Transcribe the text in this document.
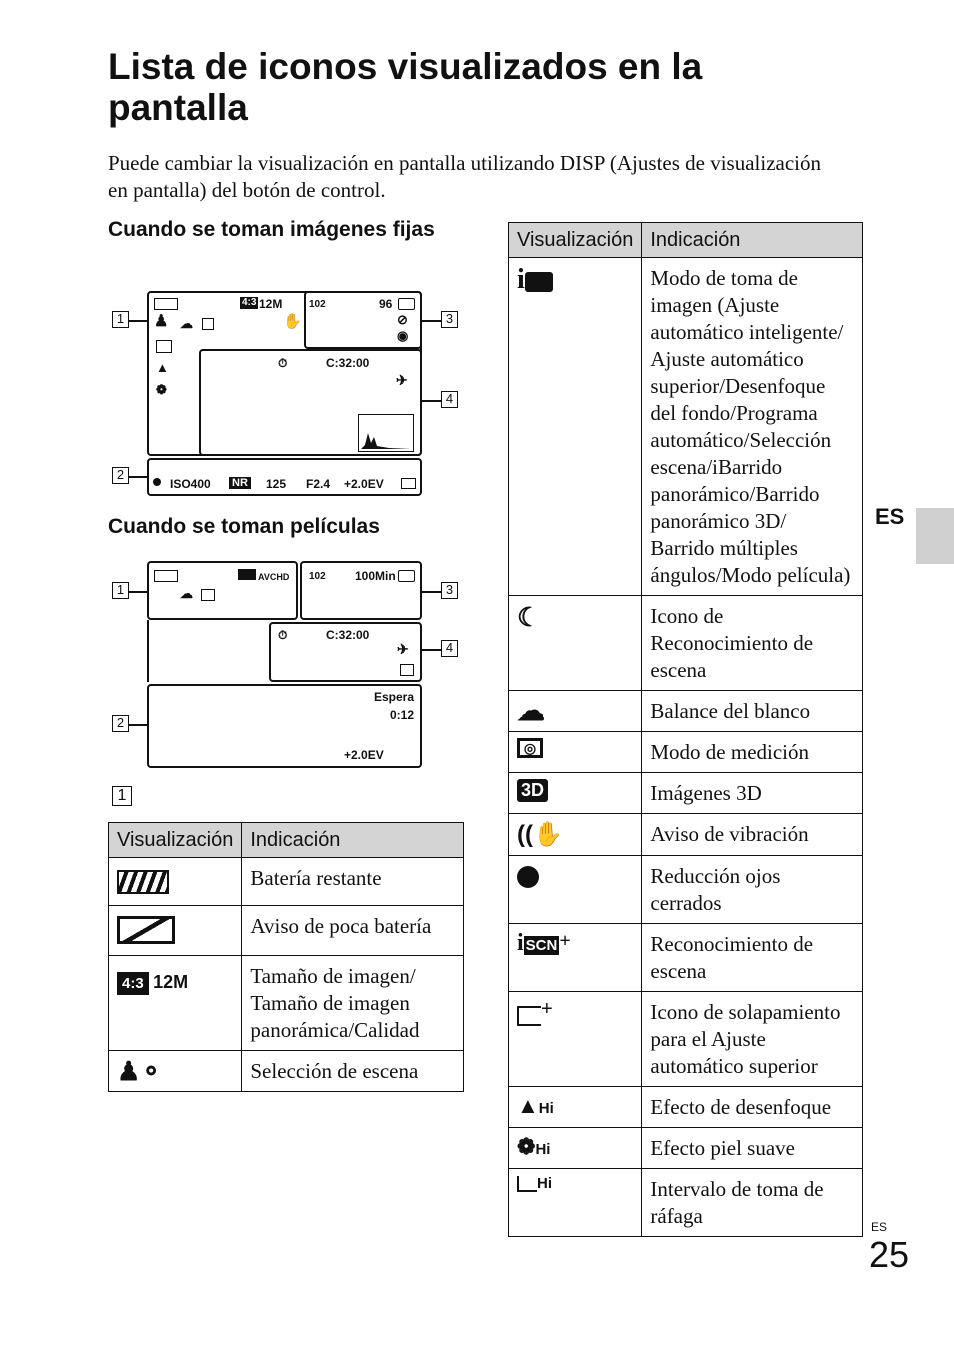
Lista de iconos visualizados en la pantalla
Puede cambiar la visualización en pantalla utilizando DISP (Ajustes de visualización en pantalla) del botón de control.
Cuando se toman imágenes fijas
4:3 12M
♟ ☁	✋
▲
❁
102	96
⊘
◉
⏱	C:32:00
✈
ISO400 NR 125 F2.4 +2.0EV
1
2
3
4
Cuando se toman películas
AVCHD
☁
102 100Min
⏱	C:32:00
✈
Espera
0:12
+2.0EV
1
2
3
4
1
Visualización	Indicación
	Batería restante
	Aviso de poca batería
4:3 12M	Tamaño de imagen/ Tamaño de imagen panorámica/Calidad
♟⚬	Selección de escena
Visualización	Indicación
i	Modo de toma de imagen (Ajuste automático inteligente/ Ajuste automático superior/Desenfoque del fondo/Programa automático/Selección escena/iBarrido panorámico/Barrido panorámico 3D/ Barrido múltiples ángulos/Modo película)
☾	Icono de Reconocimiento de escena
☁	Balance del blanco
◎	Modo de medición
3D	Imágenes 3D
((✋	Aviso de vibración
	Reducción ojos cerrados
i SCN +	Reconocimiento de escena
+	Icono de solapamiento para el Ajuste automático superior
▲Hi	Efecto de desenfoque
❁Hi	Efecto piel suave
Hi	Intervalo de toma de ráfaga
ES
ES
25
